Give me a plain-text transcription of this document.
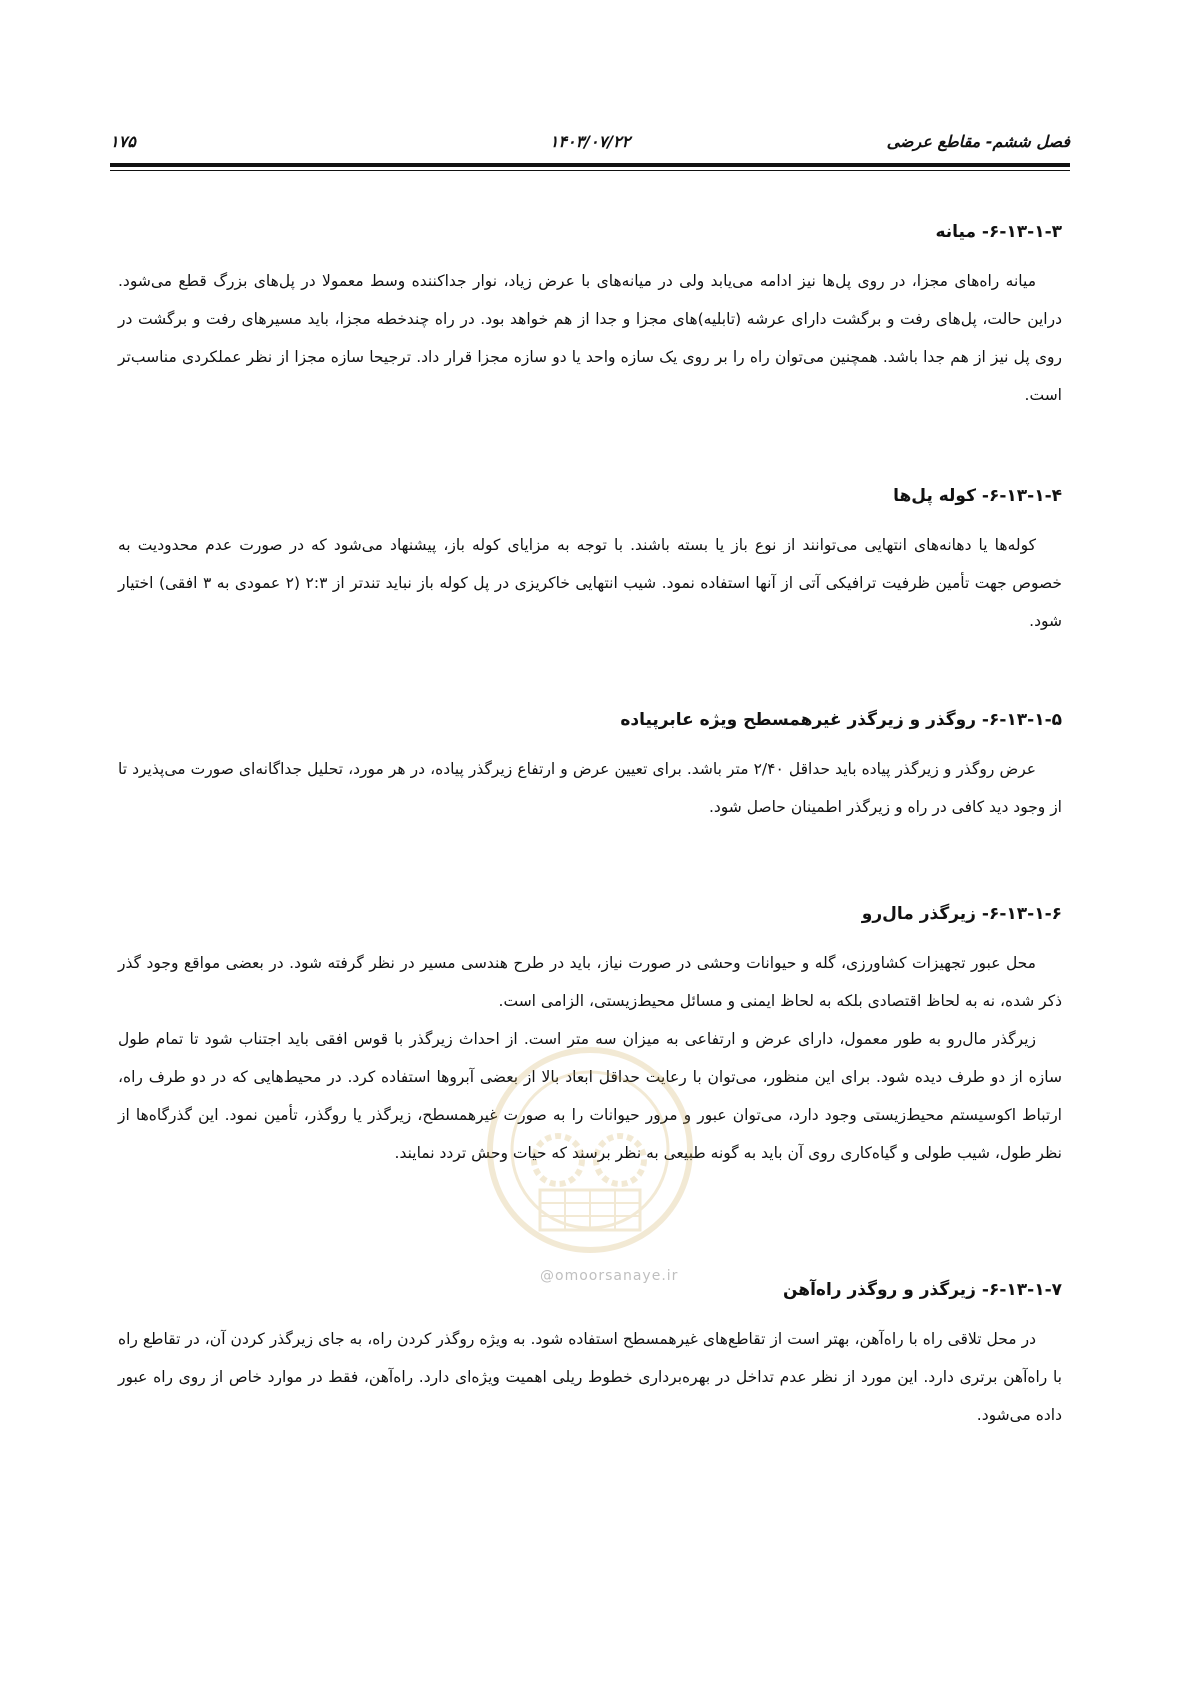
فصل ششم- مقاطع عرضی
۱۴۰۳/۰۷/۲۲
۱۷۵
۶-۱۳-۱-۳- میانه

میانه راه‌های مجزا، در روی پل‌ها نیز ادامه می‌یابد ولی در میانه‌های با عرض زیاد، نوار جداکننده وسط معمولا در پل‌های بزرگ قطع می‌شود. دراین حالت، پل‌های رفت و برگشت دارای عرشه (تابلیه)های مجزا و جدا از هم خواهد بود. در راه چندخطه مجزا، باید مسیرهای رفت و برگشت در روی پل نیز از هم جدا باشد. همچنین می‌توان راه را بر روی یک سازه واحد یا دو سازه مجزا قرار داد. ترجیحا سازه مجزا از نظر عملکردی مناسب‌تر است.

۶-۱۳-۱-۴- کوله پل‌ها

کوله‌ها یا دهانه‌های انتهایی می‌توانند از نوع باز یا بسته باشند. با توجه به مزایای کوله باز، پیشنهاد می‌شود که در صورت عدم محدودیت به خصوص جهت تأمین ظرفیت ترافیکی آتی از آنها استفاده نمود. شیب انتهایی خاکریزی در پل کوله باز نباید تندتر از ۲:۳ (۲ عمودی به ۳ افقی) اختیار شود.

۶-۱۳-۱-۵- روگذر و زیرگذر غیرهمسطح ویژه عابرپیاده

عرض روگذر و زیرگذر پیاده باید حداقل ۲/۴۰ متر باشد. برای تعیین عرض و ارتفاع زیرگذر پیاده، در هر مورد، تحلیل جداگانه‌ای صورت می‌پذیرد تا از وجود دید کافی در راه و زیرگذر اطمینان حاصل شود.

۶-۱۳-۱-۶- زیرگذر مال‌رو

محل عبور تجهیزات کشاورزی، گله و حیوانات وحشی در صورت نیاز، باید در طرح هندسی مسیر در نظر گرفته شود. در بعضی مواقع وجود گذر ذکر شده، نه به لحاظ اقتصادی بلکه به لحاظ ایمنی و مسائل محیط‌زیستی، الزامی است.

زیرگذر مال‌رو به طور معمول، دارای عرض و ارتفاعی به میزان سه متر است. از احداث زیرگذر با قوس افقی باید اجتناب شود تا تمام طول سازه از دو طرف دیده شود. برای این منظور، می‌توان با رعایت حداقل ابعاد بالا از بعضی آبروها استفاده کرد. در محیط‌هایی که در دو طرف راه، ارتباط اکوسیستم محیط‌زیستی وجود دارد، می‌توان عبور و مرور حیوانات را به صورت غیرهمسطح، زیرگذر یا روگذر، تأمین نمود. این گذرگاه‌ها از نظر طول، شیب طولی و گیاه‌کاری روی آن باید به گونه طبیعی به نظر برسند که حیات وحش تردد نمایند.

۶-۱۳-۱-۷- زیرگذر و روگذر راه‌آهن

در محل تلاقی راه با راه‌آهن، بهتر است از تقاطع‌های غیرهمسطح استفاده شود. به ویژه روگذر کردن راه، به جای زیرگذر کردن آن، در تقاطع راه با راه‌آهن برتری دارد. این مورد از نظر عدم تداخل در بهره‌برداری خطوط ریلی اهمیت ویژه‌ای دارد. راه‌آهن، فقط در موارد خاص از روی راه عبور داده می‌شود.

@omoorsanaye.ir
